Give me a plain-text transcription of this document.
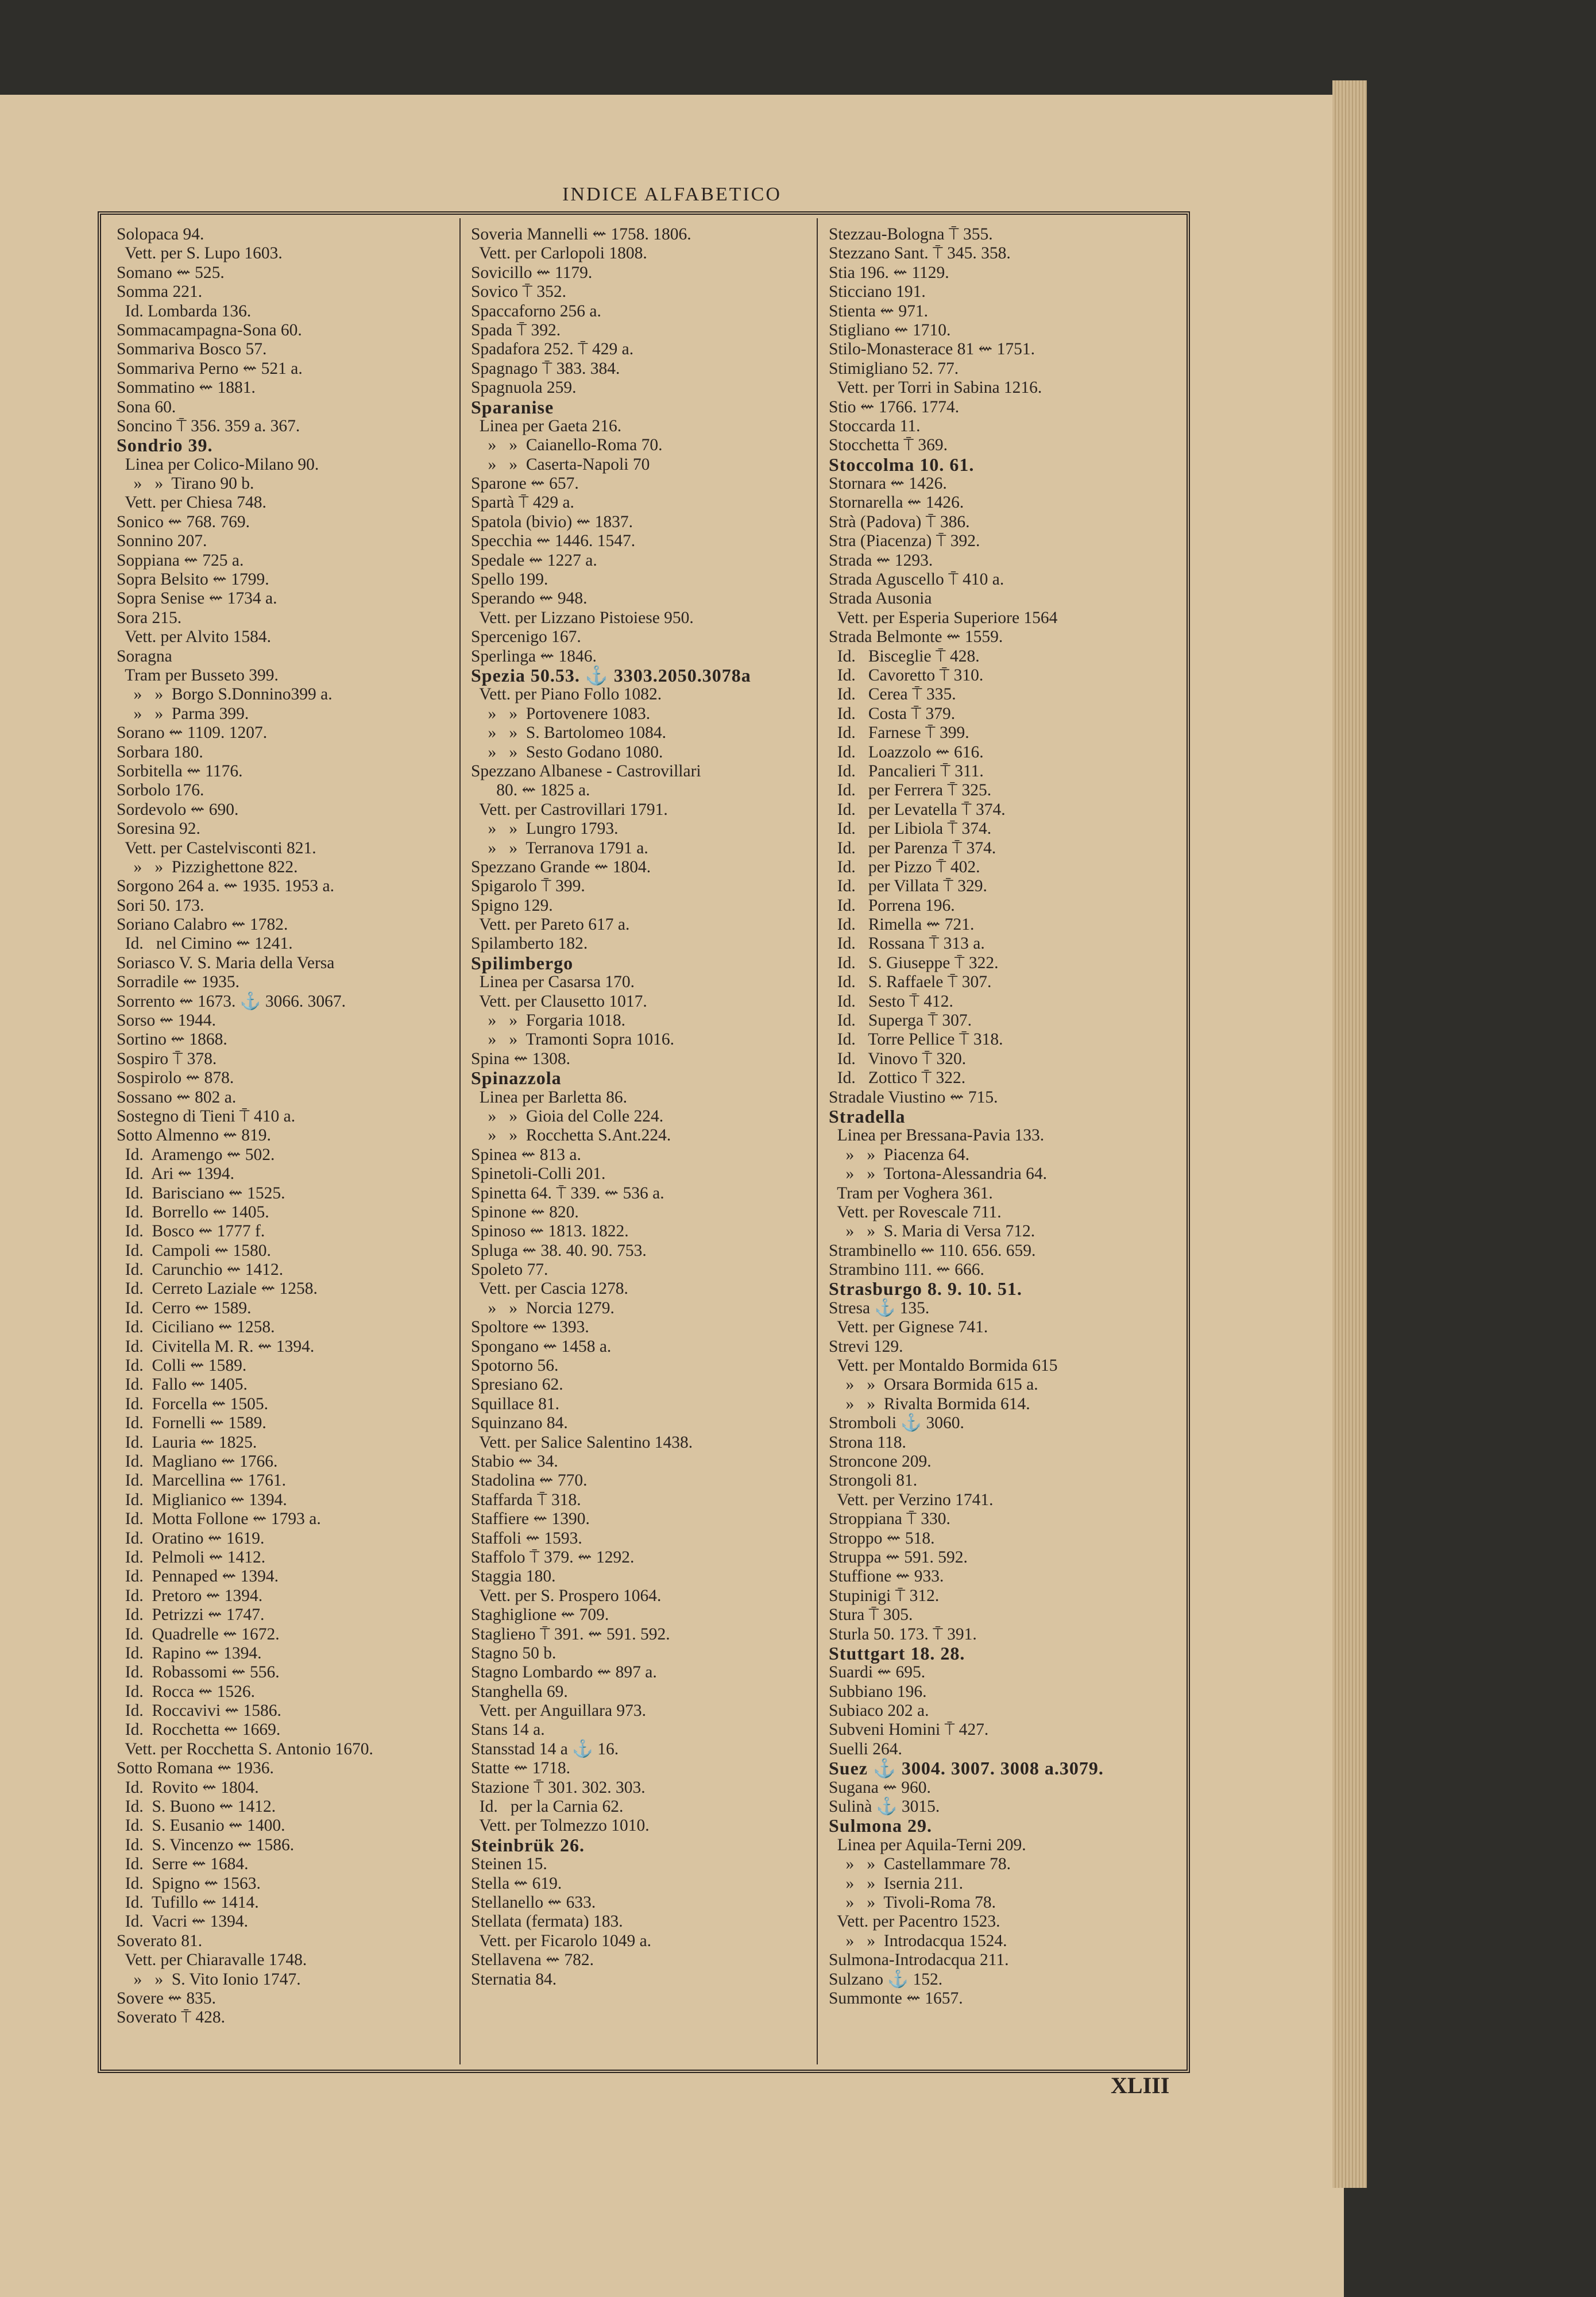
INDICE ALFABETICO
Solopaca 94.
Vett. per S. Lupo 1603.
Somano ⇜ 525.
Somma 221.
Id. Lombarda 136.
Sommacampagna-Sona 60.
Sommariva Bosco 57.
Sommariva Perno ⇜ 521 a.
Sommatino ⇜ 1881.
Sona 60.
Soncino ⍑ 356. 359 a. 367.
Sondrio 39.
Linea per Colico-Milano 90.
»   »  Tirano 90 b.
Vett. per Chiesa 748.
Sonico ⇜ 768. 769.
Sonnino 207.
Soppiana ⇜ 725 a.
Sopra Belsito ⇜ 1799.
Sopra Senise ⇜ 1734 a.
Sora 215.
Vett. per Alvito 1584.
Soragna
Tram per Busseto 399.
»   »  Borgo S.Donnino399 a.
»   »  Parma 399.
Sorano ⇜ 1109. 1207.
Sorbara 180.
Sorbitella ⇜ 1176.
Sorbolo 176.
Sordevolo ⇜ 690.
Soresina 92.
Vett. per Castelvisconti 821.
»   »  Pizzighettone 822.
Sorgono 264 a. ⇜ 1935. 1953 a.
Sori 50. 173.
Soriano Calabro ⇜ 1782.
Id.   nel Cimino ⇜ 1241.
Soriasco V. S. Maria della Versa
Sorradile ⇜ 1935.
Sorrento ⇜ 1673. ⚓ 3066. 3067.
Sorso ⇜ 1944.
Sortino ⇜ 1868.
Sospiro ⍑ 378.
Sospirolo ⇜ 878.
Sossano ⇜ 802 a.
Sostegno di Tieni ⍑ 410 a.
Sotto Almenno ⇜ 819.
Id.  Aramengo ⇜ 502.
Id.  Ari ⇜ 1394.
Id.  Barisciano ⇜ 1525.
Id.  Borrello ⇜ 1405.
Id.  Bosco ⇜ 1777 f.
Id.  Campoli ⇜ 1580.
Id.  Carunchio ⇜ 1412.
Id.  Cerreto Laziale ⇜ 1258.
Id.  Cerro ⇜ 1589.
Id.  Ciciliano ⇜ 1258.
Id.  Civitella M. R. ⇜ 1394.
Id.  Colli ⇜ 1589.
Id.  Fallo ⇜ 1405.
Id.  Forcella ⇜ 1505.
Id.  Fornelli ⇜ 1589.
Id.  Lauria ⇜ 1825.
Id.  Magliano ⇜ 1766.
Id.  Marcellina ⇜ 1761.
Id.  Miglianico ⇜ 1394.
Id.  Motta Follone ⇜ 1793 a.
Id.  Oratino ⇜ 1619.
Id.  Pelmoli ⇜ 1412.
Id.  Pennaped ⇜ 1394.
Id.  Pretoro ⇜ 1394.
Id.  Petrizzi ⇜ 1747.
Id.  Quadrelle ⇜ 1672.
Id.  Rapino ⇜ 1394.
Id.  Robassomi ⇜ 556.
Id.  Rocca ⇜ 1526.
Id.  Roccavivi ⇜ 1586.
Id.  Rocchetta ⇜ 1669.
Vett. per Rocchetta S. Antonio 1670.
Sotto Romana ⇜ 1936.
Id.  Rovito ⇜ 1804.
Id.  S. Buono ⇜ 1412.
Id.  S. Eusanio ⇜ 1400.
Id.  S. Vincenzo ⇜ 1586.
Id.  Serre ⇜ 1684.
Id.  Spigno ⇜ 1563.
Id.  Tufillo ⇜ 1414.
Id.  Vacri ⇜ 1394.
Soverato 81.
Vett. per Chiaravalle 1748.
»   »  S. Vito Ionio 1747.
Sovere ⇜ 835.
Soverato ⍑ 428.
Soveria Mannelli ⇜ 1758. 1806.
Vett. per Carlopoli 1808.
Sovicillo ⇜ 1179.
Sovico ⍑ 352.
Spaccaforno 256 a.
Spada ⍑ 392.
Spadafora 252. ⍑ 429 a.
Spagnago ⍑ 383. 384.
Spagnuola 259.
Sparanise
Linea per Gaeta 216.
»   »  Caianello-Roma 70.
»   »  Caserta-Napoli 70
Sparone ⇜ 657.
Spartà ⍑ 429 a.
Spatola (bivio) ⇜ 1837.
Specchia ⇜ 1446. 1547.
Spedale ⇜ 1227 a.
Spello 199.
Sperando ⇜ 948.
Vett. per Lizzano Pistoiese 950.
Spercenigo 167.
Sperlinga ⇜ 1846.
Spezia 50.53. ⚓ 3303.2050.3078a
Vett. per Piano Follo 1082.
»   »  Portovenere 1083.
»   »  S. Bartolomeo 1084.
»   »  Sesto Godano 1080.
Spezzano Albanese - Castrovillari
80. ⇜ 1825 a.
Vett. per Castrovillari 1791.
»   »  Lungro 1793.
»   »  Terranova 1791 a.
Spezzano Grande ⇜ 1804.
Spigarolo ⍑ 399.
Spigno 129.
Vett. per Pareto 617 a.
Spilamberto 182.
Spilimbergo
Linea per Casarsa 170.
Vett. per Clausetto 1017.
»   »  Forgaria 1018.
»   »  Tramonti Sopra 1016.
Spina ⇜ 1308.
Spinazzola
Linea per Barletta 86.
»   »  Gioia del Colle 224.
»   »  Rocchetta S.Ant.224.
Spinea ⇜ 813 a.
Spinetoli-Colli 201.
Spinetta 64. ⍑ 339. ⇜ 536 a.
Spinone ⇜ 820.
Spinoso ⇜ 1813. 1822.
Spluga ⇜ 38. 40. 90. 753.
Spoleto 77.
Vett. per Cascia 1278.
»   »  Norcia 1279.
Spoltore ⇜ 1393.
Spongano ⇜ 1458 a.
Spotorno 56.
Spresiano 62.
Squillace 81.
Squinzano 84.
Vett. per Salice Salentino 1438.
Stabio ⇜ 34.
Stadolina ⇜ 770.
Staffarda ⍑ 318.
Staffiere ⇜ 1390.
Staffoli ⇜ 1593.
Staffolo ⍑ 379. ⇜ 1292.
Staggia 180.
Vett. per S. Prospero 1064.
Staghiglione ⇜ 709.
Stagliено ⍑ 391. ⇜ 591. 592.
Stagno 50 b.
Stagno Lombardo ⇜ 897 a.
Stanghella 69.
Vett. per Anguillara 973.
Stans 14 a.
Stansstad 14 a ⚓ 16.
Statte ⇜ 1718.
Stazione ⍑ 301. 302. 303.
Id.   per la Carnia 62.
Vett. per Tolmezzo 1010.
Steinbrük 26.
Steinen 15.
Stella ⇜ 619.
Stellanello ⇜ 633.
Stellata (fermata) 183.
Vett. per Ficarolo 1049 a.
Stellavena ⇜ 782.
Sternatia 84.
Stezzau-Bologna ⍑ 355.
Stezzano Sant. ⍑ 345. 358.
Stia 196. ⇜ 1129.
Sticciano 191.
Stienta ⇜ 971.
Stigliano ⇜ 1710.
Stilo-Monasterace 81 ⇜ 1751.
Stimigliano 52. 77.
Vett. per Torri in Sabina 1216.
Stio ⇜ 1766. 1774.
Stoccarda 11.
Stocchetta ⍑ 369.
Stoccolma 10. 61.
Stornara ⇜ 1426.
Stornarella ⇜ 1426.
Strà (Padova) ⍑ 386.
Stra (Piacenza) ⍑ 392.
Strada ⇜ 1293.
Strada Aguscello ⍑ 410 a.
Strada Ausonia
Vett. per Esperia Superiore 1564
Strada Belmonte ⇜ 1559.
Id.   Bisceglie ⍑ 428.
Id.   Cavoretto ⍑ 310.
Id.   Cerea ⍑ 335.
Id.   Costa ⍑ 379.
Id.   Farnese ⍑ 399.
Id.   Loazzolo ⇜ 616.
Id.   Pancalieri ⍑ 311.
Id.   per Ferrera ⍑ 325.
Id.   per Levatella ⍑ 374.
Id.   per Libiola ⍑ 374.
Id.   per Parenza ⍑ 374.
Id.   per Pizzo ⍑ 402.
Id.   per Villata ⍑ 329.
Id.   Porrena 196.
Id.   Rimella ⇜ 721.
Id.   Rossana ⍑ 313 a.
Id.   S. Giuseppe ⍑ 322.
Id.   S. Raffaele ⍑ 307.
Id.   Sesto ⍑ 412.
Id.   Superga ⍑ 307.
Id.   Torre Pellice ⍑ 318.
Id.   Vinovo ⍑ 320.
Id.   Zottico ⍑ 322.
Stradale Viustino ⇜ 715.
Stradella
Linea per Bressana-Pavia 133.
»   »  Piacenza 64.
»   »  Tortona-Alessandria 64.
Tram per Voghera 361.
Vett. per Rovescale 711.
»   »  S. Maria di Versa 712.
Strambinello ⇜ 110. 656. 659.
Strambino 111. ⇜ 666.
Strasburgo 8. 9. 10. 51.
Stresa ⚓ 135.
Vett. per Gignese 741.
Strevi 129.
Vett. per Montaldo Bormida 615
»   »  Orsara Bormida 615 a.
»   »  Rivalta Bormida 614.
Stromboli ⚓ 3060.
Strona 118.
Stroncone 209.
Strongoli 81.
Vett. per Verzino 1741.
Stroppiana ⍑ 330.
Stroppo ⇜ 518.
Struppa ⇜ 591. 592.
Stuffione ⇜ 933.
Stupinigi ⍑ 312.
Stura ⍑ 305.
Sturla 50. 173. ⍑ 391.
Stuttgart 18. 28.
Suardi ⇜ 695.
Subbiano 196.
Subiaco 202 a.
Subveni Homini ⍑ 427.
Suelli 264.
Suez ⚓ 3004. 3007. 3008 a.3079.
Sugana ⇜ 960.
Sulinà ⚓ 3015.
Sulmona 29.
Linea per Aquila-Terni 209.
»   »  Castellammare 78.
»   »  Isernia 211.
»   »  Tivoli-Roma 78.
Vett. per Pacentro 1523.
»   »  Introdacqua 1524.
Sulmona-Introdacqua 211.
Sulzano ⚓ 152.
Summonte ⇜ 1657.
XLIII
